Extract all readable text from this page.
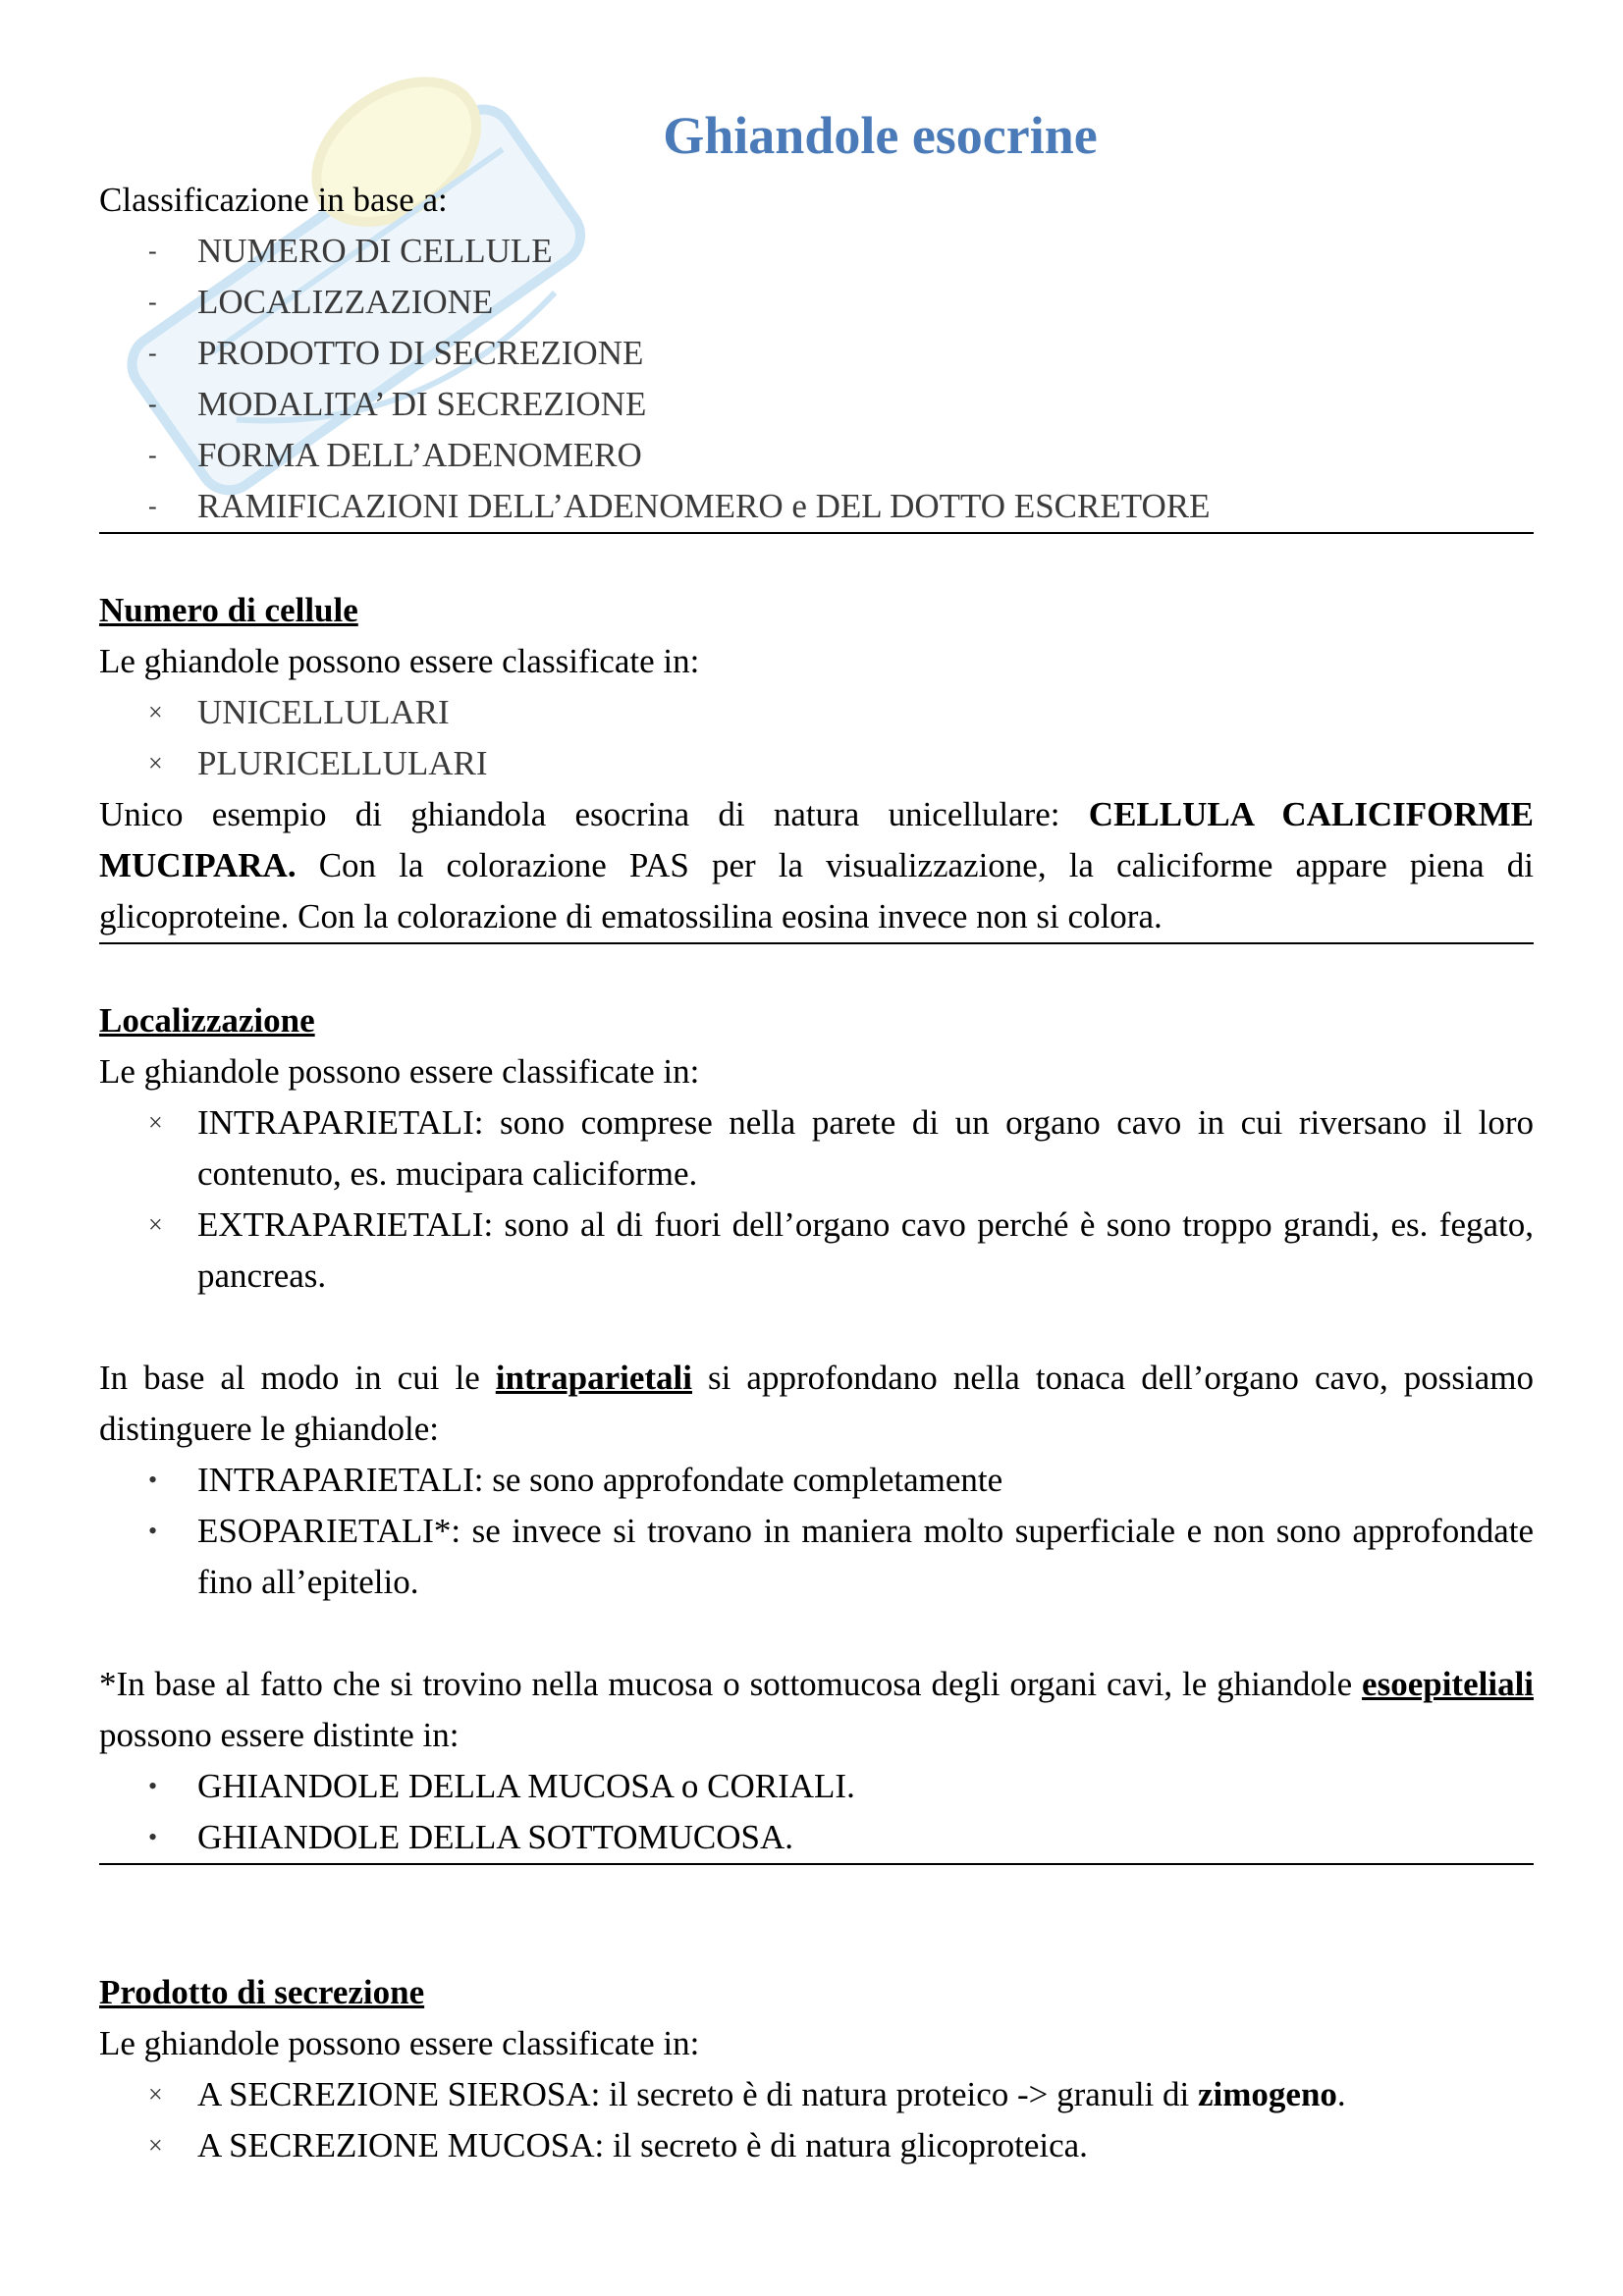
Ghiandole esocrine

Classificazione in base a:

- NUMERO DI CELLULE
- LOCALIZZAZIONE
- PRODOTTO DI SECREZIONE
- MODALITA’ DI SECREZIONE
- FORMA DELL’ADENOMERO
- RAMIFICAZIONI DELL’ADENOMERO e DEL DOTTO ESCRETORE

Numero di cellule

Le ghiandole possono essere classificate in:

× UNICELLULARI
× PLURICELLULARI

Unico esempio di ghiandola esocrina di natura unicellulare: CELLULA CALICIFORME MUCIPARA. Con la colorazione PAS per la visualizzazione, la caliciforme appare piena di glicoproteine. Con la colorazione di ematossilina eosina invece non si colora.

Localizzazione

Le ghiandole possono essere classificate in:

× INTRAPARIETALI: sono comprese nella parete di un organo cavo in cui riversano il loro contenuto, es. mucipara caliciforme.
× EXTRAPARIETALI: sono al di fuori dell’organo cavo perché è sono troppo grandi, es. fegato, pancreas.

In base al modo in cui le intraparietali si approfondano nella tonaca dell’organo cavo, possiamo distinguere le ghiandole:

• INTRAPARIETALI: se sono approfondate completamente
• ESOPARIETALI*: se invece si trovano in maniera molto superficiale e non sono approfondate fino all’epitelio.

*In base al fatto che si trovino nella mucosa o sottomucosa degli organi cavi, le ghiandole esoepiteliali possono essere distinte in:

• GHIANDOLE DELLA MUCOSA o CORIALI.
• GHIANDOLE DELLA SOTTOMUCOSA.

Prodotto di secrezione

Le ghiandole possono essere classificate in:

× A SECREZIONE SIEROSA: il secreto è di natura proteico -> granuli di zimogeno.
× A SECREZIONE MUCOSA: il secreto è di natura glicoproteica.
